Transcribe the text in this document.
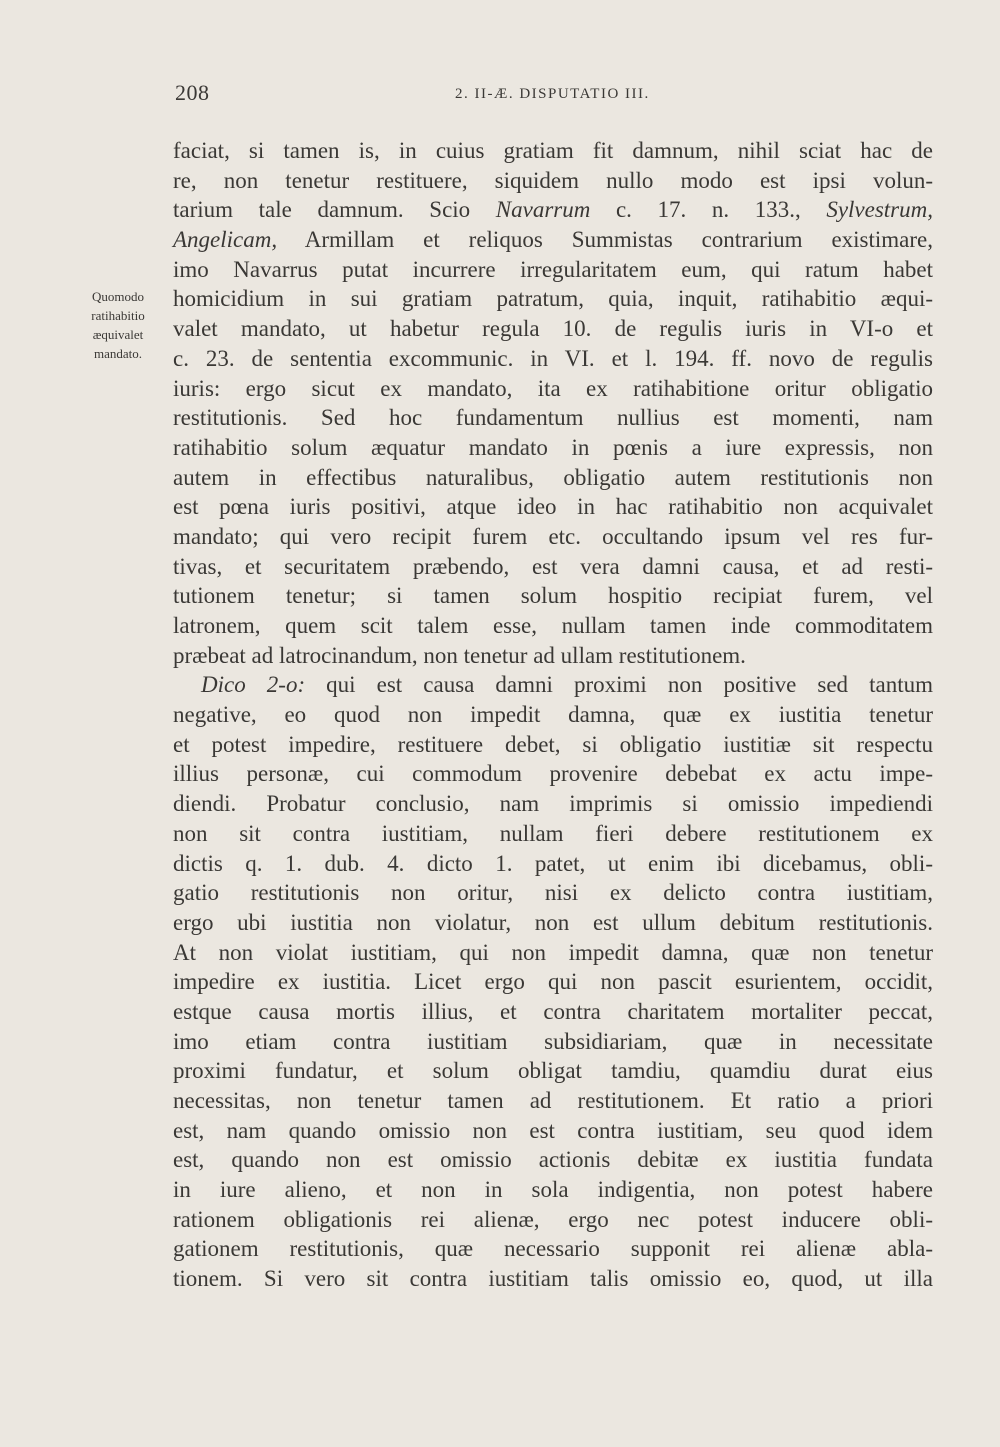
208	2. II-Æ. DISPUTATIO III.
Quomodo
ratihabitio
æquivalet
mandato.
faciat, si tamen is, in cuius gratiam fit damnum, nihil sciat hac de
re, non tenetur restituere, siquidem nullo modo est ipsi volun-
tarium tale damnum. Scio Navarrum c. 17. n. 133., Sylvestrum,
Angelicam, Armillam et reliquos Summistas contrarium existimare,
imo Navarrus putat incurrere irregularitatem eum, qui ratum habet
homicidium in sui gratiam patratum, quia, inquit, ratihabitio æqui-
valet mandato, ut habetur regula 10. de regulis iuris in VI-o et
c. 23. de sententia excommunic. in VI. et l. 194. ff. novo de regulis
iuris: ergo sicut ex mandato, ita ex ratihabitione oritur obligatio
restitutionis. Sed hoc fundamentum nullius est momenti, nam
ratihabitio solum æquatur mandato in pœnis a iure expressis, non
autem in effectibus naturalibus, obligatio autem restitutionis non
est pœna iuris positivi, atque ideo in hac ratihabitio non acquivalet
mandato; qui vero recipit furem etc. occultando ipsum vel res fur-
tivas, et securitatem præbendo, est vera damni causa, et ad resti-
tutionem tenetur; si tamen solum hospitio recipiat furem, vel
latronem, quem scit talem esse, nullam tamen inde commoditatem
præbeat ad latrocinandum, non tenetur ad ullam restitutionem.
Dico 2-o: qui est causa damni proximi non positive sed tantum
negative, eo quod non impedit damna, quæ ex iustitia tenetur
et potest impedire, restituere debet, si obligatio iustitiæ sit respectu
illius personæ, cui commodum provenire debebat ex actu impe-
diendi. Probatur conclusio, nam imprimis si omissio impediendi
non sit contra iustitiam, nullam fieri debere restitutionem ex
dictis q. 1. dub. 4. dicto 1. patet, ut enim ibi dicebamus, obli-
gatio restitutionis non oritur, nisi ex delicto contra iustitiam,
ergo ubi iustitia non violatur, non est ullum debitum restitutionis.
At non violat iustitiam, qui non impedit damna, quæ non tenetur
impedire ex iustitia. Licet ergo qui non pascit esurientem, occidit,
estque causa mortis illius, et contra charitatem mortaliter peccat,
imo etiam contra iustitiam subsidiariam, quæ in necessitate
proximi fundatur, et solum obligat tamdiu, quamdiu durat eius
necessitas, non tenetur tamen ad restitutionem. Et ratio a priori
est, nam quando omissio non est contra iustitiam, seu quod idem
est, quando non est omissio actionis debitæ ex iustitia fundata
in iure alieno, et non in sola indigentia, non potest habere
rationem obligationis rei alienæ, ergo nec potest inducere obli-
gationem restitutionis, quæ necessario supponit rei alienæ abla-
tionem. Si vero sit contra iustitiam talis omissio eo, quod, ut illa
